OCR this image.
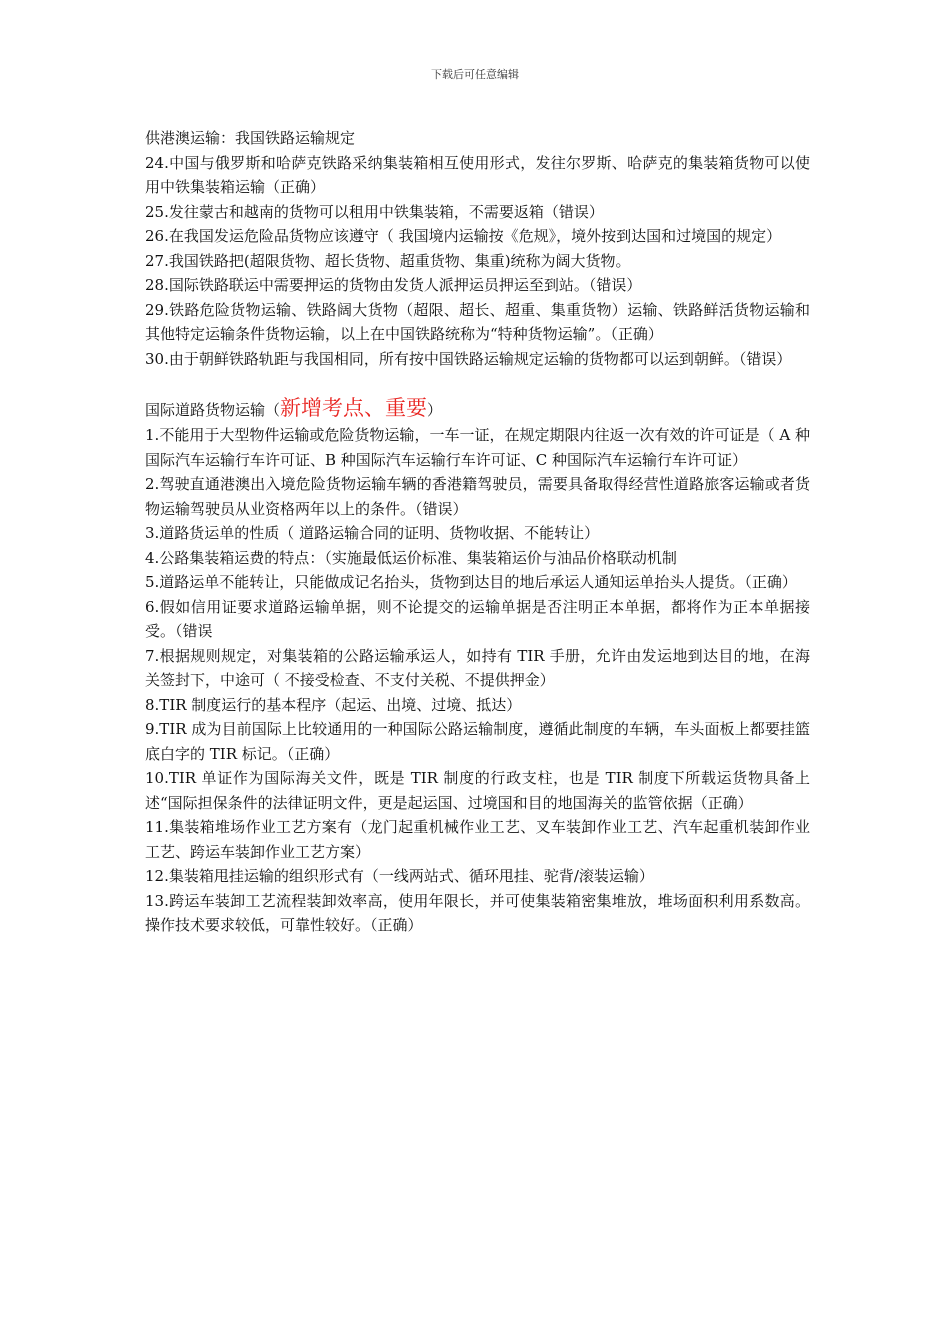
下载后可任意编辑

供港澳运输：我国铁路运输规定

24.中国与俄罗斯和哈萨克铁路采纳集装箱相互使用形式，发往尔罗斯、哈萨克的集装箱货物可以使用中铁集装箱运输（正确）

25.发往蒙古和越南的货物可以租用中铁集装箱，不需要返箱（错误）

26.在我国发运危险品货物应该遵守（ 我国境内运输按《危规》，境外按到达国和过境国的规定）

27.我国铁路把(超限货物、超长货物、超重货物、集重)统称为阔大货物。

28.国际铁路联运中需要押运的货物由发货人派押运员押运至到站。（错误）

29.铁路危险货物运输、铁路阔大货物（超限、超长、超重、集重货物）运输、铁路鲜活货物运输和其他特定运输条件货物运输，以上在中国铁路统称为“特种货物运输”。（正确）

30.由于朝鲜铁路轨距与我国相同，所有按中国铁路运输规定运输的货物都可以运到朝鲜。（错误）

国际道路货物运输（新增考点、重要）

1.不能用于大型物件运输或危险货物运输，一车一证，在规定期限内往返一次有效的许可证是（ A 种国际汽车运输行车许可证、B 种国际汽车运输行车许可证、C 种国际汽车运输行车许可证）

2.驾驶直通港澳出入境危险货物运输车辆的香港籍驾驶员，需要具备取得经营性道路旅客运输或者货物运输驾驶员从业资格两年以上的条件。（错误）

3.道路货运单的性质（ 道路运输合同的证明、货物收据、不能转让）

4.公路集装箱运费的特点：（实施最低运价标准、集装箱运价与油品价格联动机制

5.道路运单不能转让，只能做成记名抬头，货物到达目的地后承运人通知运单抬头人提货。（正确）

6.假如信用证要求道路运输单据，则不论提交的运输单据是否注明正本单据，都将作为正本单据接受。（错误

7.根据规则规定，对集装箱的公路运输承运人，如持有 TIR 手册，允许由发运地到达目的地，在海关签封下，中途可（ 不接受检查、不支付关税、不提供押金）

8.TIR 制度运行的基本程序（起运、出境、过境、抵达）

9.TIR 成为目前国际上比较通用的一种国际公路运输制度，遵循此制度的车辆，车头面板上都要挂篮底白字的 TIR 标记。（正确）

10.TIR 单证作为国际海关文件，既是 TIR 制度的行政支柱，也是 TIR 制度下所载运货物具备上述“国际担保条件的法律证明文件，更是起运国、过境国和目的地国海关的监管依据（正确）

11.集装箱堆场作业工艺方案有（龙门起重机械作业工艺、叉车装卸作业工艺、汽车起重机装卸作业工艺、跨运车装卸作业工艺方案）

12.集装箱甩挂运输的组织形式有（一线两站式、循环甩挂、驼背/滚装运输）

13.跨运车装卸工艺流程装卸效率高，使用年限长，并可使集装箱密集堆放，堆场面积利用系数高。操作技术要求较低，可靠性较好。（正确）
